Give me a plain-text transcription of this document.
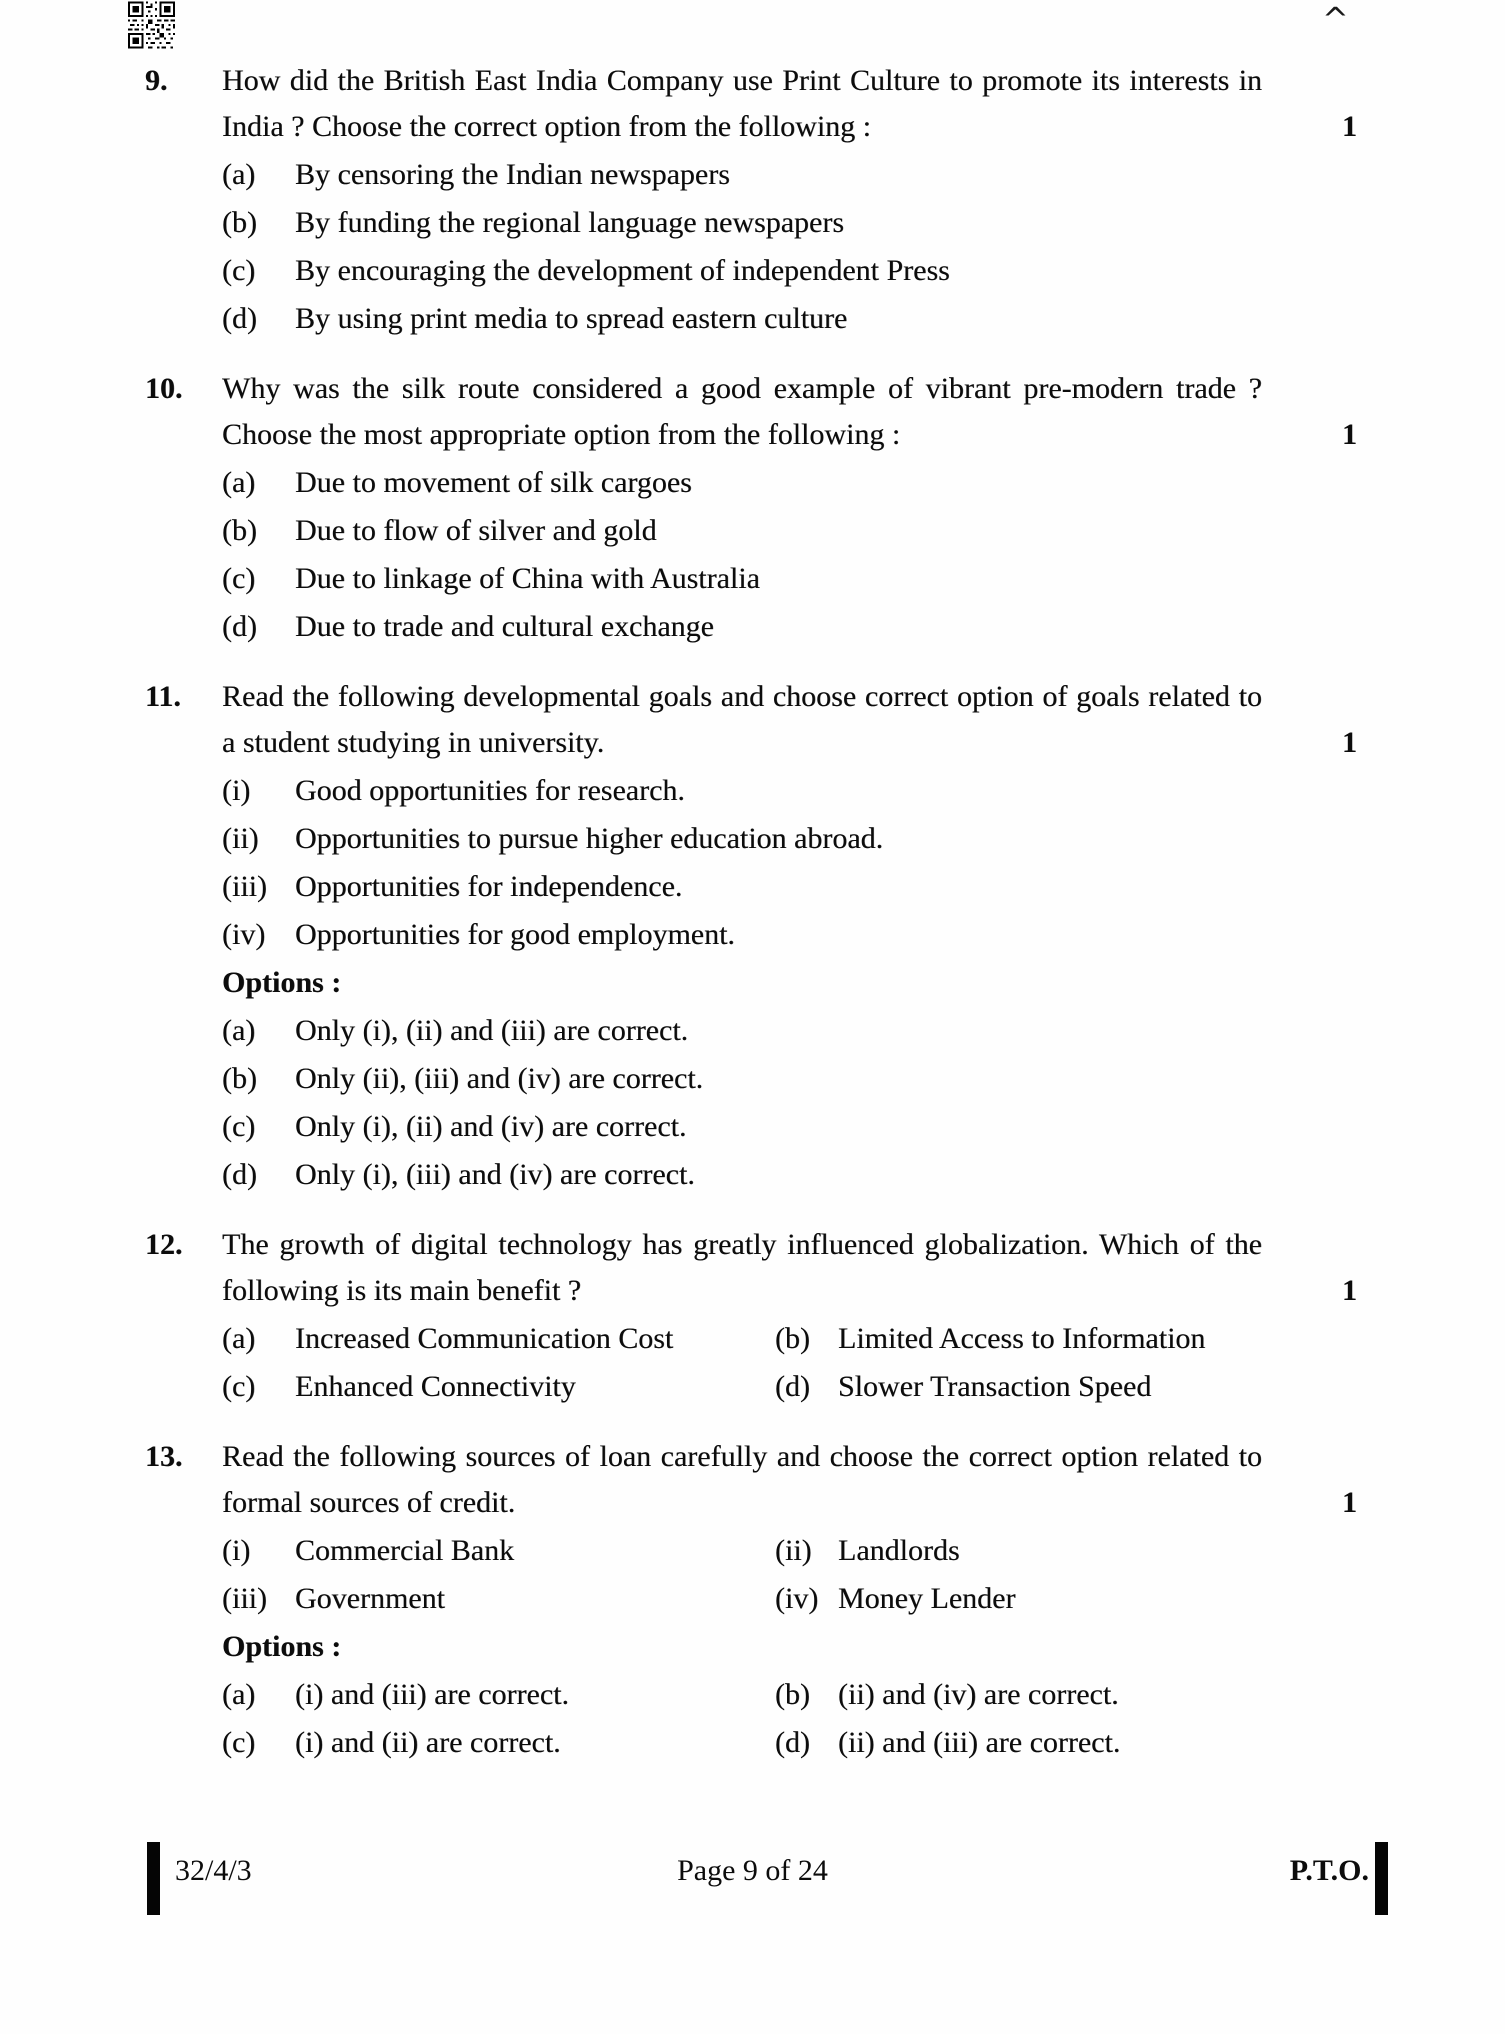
^
9.	How did the British East India Company use Print Culture to promote its interests in India ? Choose the correct option from the following :	1
(a)	By censoring the Indian newspapers
(b)	By funding the regional language newspapers
(c)	By encouraging the development of independent Press
(d)	By using print media to spread eastern culture
10.	Why was the silk route considered a good example of vibrant pre-modern trade ? Choose the most appropriate option from the following :	1
(a)	Due to movement of silk cargoes
(b)	Due to flow of silver and gold
(c)	Due to linkage of China with Australia
(d)	Due to trade and cultural exchange
11.	Read the following developmental goals and choose correct option of goals related to a student studying in university.	1
(i)	Good opportunities for research.
(ii)	Opportunities to pursue higher education abroad.
(iii) Opportunities for independence.
(iv) Opportunities for good employment.
Options :
(a)	Only (i), (ii) and (iii) are correct.
(b)	Only (ii), (iii) and (iv) are correct.
(c)	Only (i), (ii) and (iv) are correct.
(d)	Only (i), (iii) and (iv) are correct.
12.	The growth of digital technology has greatly influenced globalization. Which of the following is its main benefit ?	1
(a)	Increased Communication Cost	(b) Limited Access to Information
(c)	Enhanced Connectivity	(d) Slower Transaction Speed
13.	Read the following sources of loan carefully and choose the correct option related to formal sources of credit.	1
(i)	Commercial Bank	(ii) Landlords
(iii) Government	(iv) Money Lender
Options :
(a)	(i) and (iii) are correct.	(b) (ii) and (iv) are correct.
(c)	(i) and (ii) are correct.	(d) (ii) and (iii) are correct.
32/4/3	Page 9 of 24	P.T.O.
